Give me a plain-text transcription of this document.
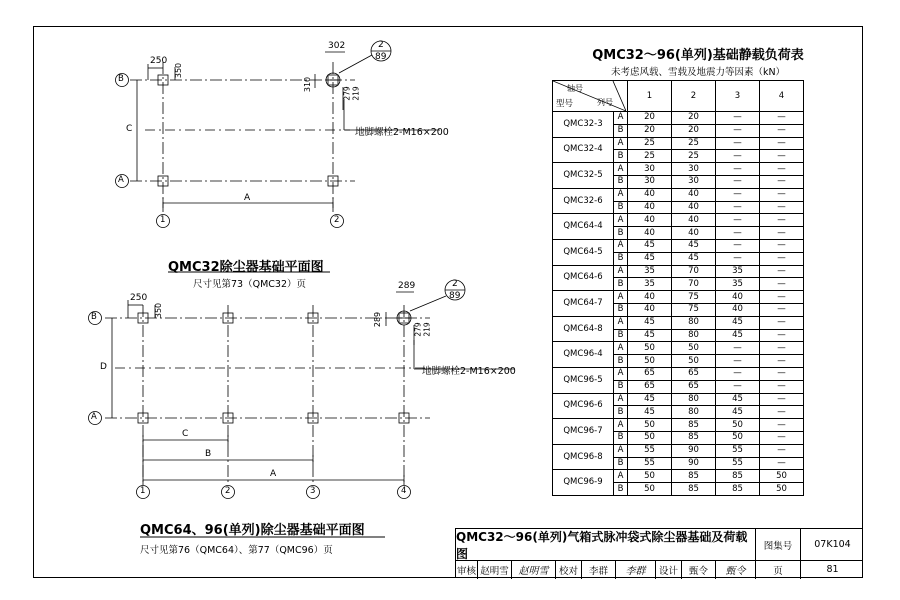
250
350
302
310
279 219
2
89
地脚螺栓2-M16×200
B
A
1	2
C
A
QMC32除尘器基础平面图
尺寸见第73（QMC32）页
250
350
289
289
279 219
2
89
地脚螺栓2-M16×200
B
A
1	2	3	4
D
C
B
A
QMC64、96(单列)除尘器基础平面图
尺寸见第76（QMC64）、第77（QMC96）页
QMC32～96(单列)基础静载负荷表
未考虑风载、雪载及地震力等因素（kN）
轴号
型号 列号		1	2	3	4
QMC32-3	A	20	20	—	—
	B	20	20	—	—
QMC32-4	A	25	25	—	—
	B	25	25	—	—
QMC32-5	A	30	30	—	—
	B	30	30	—	—
QMC32-6	A	40	40	—	—
	B	40	40	—	—
QMC64-4	A	40	40	—	—
	B	40	40	—	—
QMC64-5	A	45	45	—	—
	B	45	45	—	—
QMC64-6	A	35	70	35	—
	B	35	70	35	—
QMC64-7	A	40	75	40	—
	B	40	75	40	—
QMC64-8	A	45	80	45	—
	B	45	80	45	—
QMC96-4	A	50	50	—	—
	B	50	50	—	—
QMC96-5	A	65	65	—	—
	B	65	65	—	—
QMC96-6	A	45	80	45	—
	B	45	80	45	—
QMC96-7	A	50	85	50	—
	B	50	85	50	—
QMC96-8	A	55	90	55	—
	B	55	90	55	—
QMC96-9	A	50	85	85	50
	B	50	85	85	50
QMC32～96(单列)气箱式脉冲袋式除尘器基础及荷载图
图集号	07K104
审核 赵明雪 赵明雪	校对	李群	李群	设计	甄令	甄令	页	81
